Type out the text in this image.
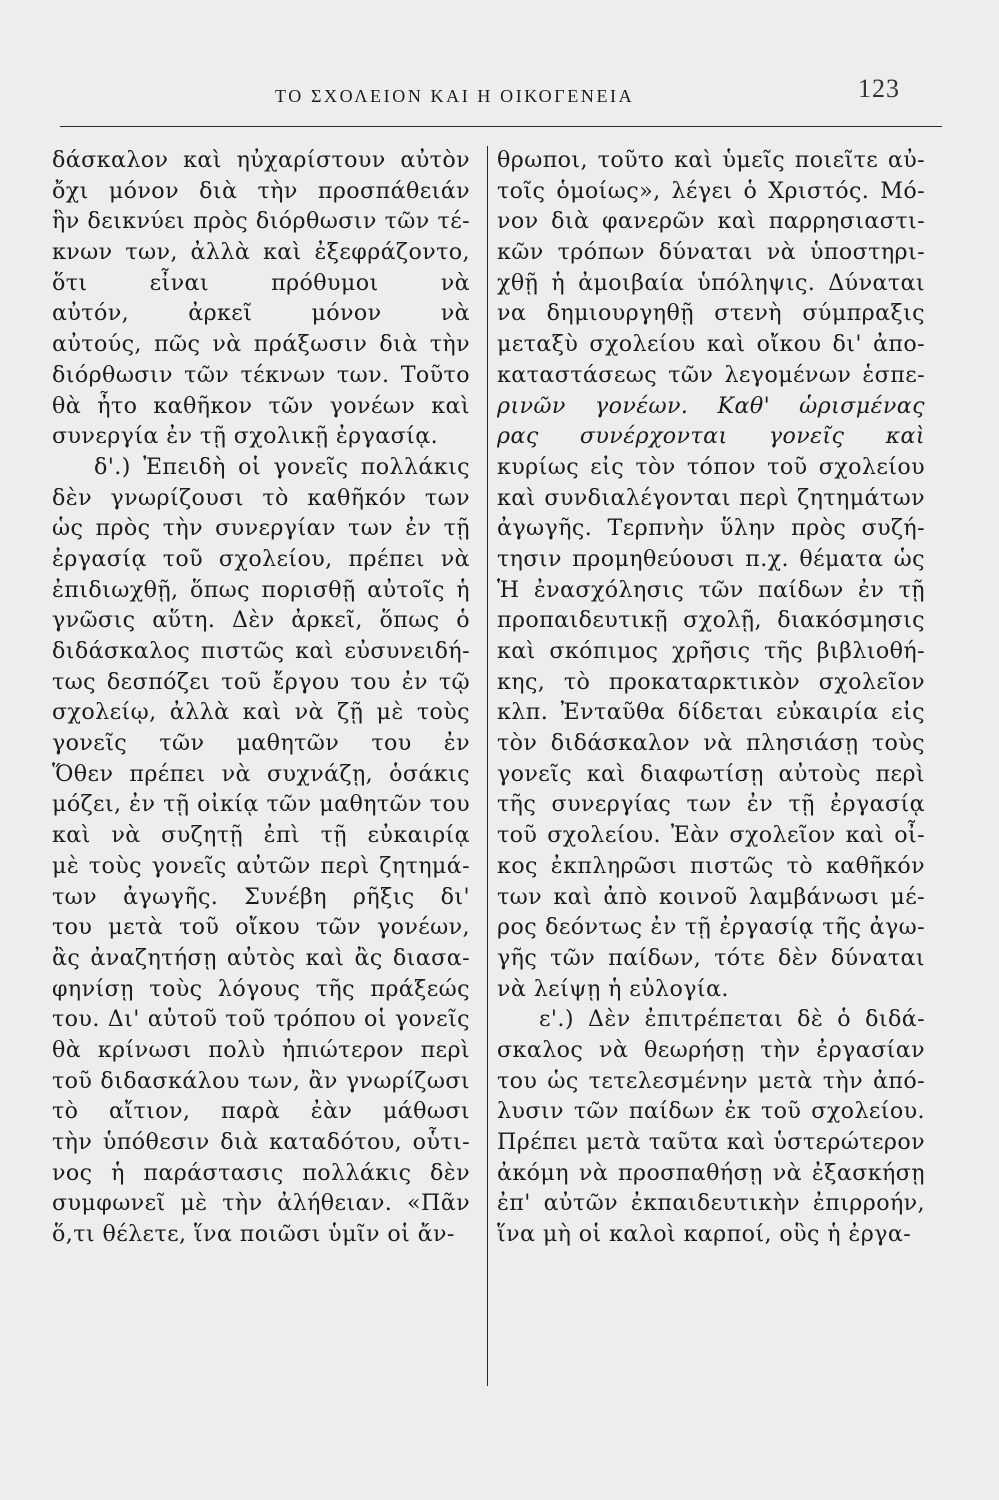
ΤΟ ΣΧΟΛΕΙΟΝ ΚΑΙ Η ΟΙΚΟΓΕΝΕΙΑ	123
δάσκαλον καὶ ηὐχαρίστουν αὐτὸν
ὄχι μόνον διὰ τὴν προσπάθειάν
ἣν δεικνύει πρὸς διόρθωσιν τῶν τέ-
κνων των, ἀλλὰ καὶ ἐξεφράζοντο,
ὅτι εἶναι πρόθυμοι νὰ
αὐτόν, ἀρκεῖ μόνον νὰ
αὐτούς, πῶς νὰ πράξωσιν διὰ τὴν
διόρθωσιν τῶν τέκνων των. Τοῦτο
θὰ ἦτο καθῆκον τῶν γονέων καὶ
συνεργία ἐν τῇ σχολικῇ ἐργασίᾳ.
δ'.) Ἐπειδὴ οἱ γονεῖς πολλάκις
δὲν γνωρίζουσι τὸ καθῆκόν των
ὡς πρὸς τὴν συνεργίαν των ἐν τῇ
ἐργασίᾳ τοῦ σχολείου, πρέπει νὰ
ἐπιδιωχθῇ, ὅπως πορισθῇ αὐτοῖς ἡ
γνῶσις αὕτη. Δὲν ἀρκεῖ, ὅπως ὁ
διδάσκαλος πιστῶς καὶ εὐσυνειδή-
τως δεσπόζει τοῦ ἔργου του ἐν τῷ
σχολείῳ, ἀλλὰ καὶ νὰ ζῇ μὲ τοὺς
γονεῖς τῶν μαθητῶν του ἐν
Ὅθεν πρέπει νὰ συχνάζῃ, ὁσάκις
μόζει, ἐν τῇ οἰκίᾳ τῶν μαθητῶν του
καὶ νὰ συζητῇ ἐπὶ τῇ εὐκαιρίᾳ
μὲ τοὺς γονεῖς αὐτῶν περὶ ζητημά-
των ἀγωγῆς. Συνέβη ρῆξις δι'
του μετὰ τοῦ οἴκου τῶν γονέων,
ἂς ἀναζητήσῃ αὐτὸς καὶ ἂς διασα-
φηνίσῃ τοὺς λόγους τῆς πράξεώς
του. Δι' αὐτοῦ τοῦ τρόπου οἱ γονεῖς
θὰ κρίνωσι πολὺ ἠπιώτερον περὶ
τοῦ διδασκάλου των, ἂν γνωρίζωσι
τὸ αἴτιον, παρὰ ἐὰν μάθωσι
τὴν ὑπόθεσιν διὰ καταδότου, οὗτι-
νος ἡ παράστασις πολλάκις δὲν
συμφωνεῖ μὲ τὴν ἀλήθειαν. «Πᾶν
ὅ,τι θέλετε, ἵνα ποιῶσι ὑμῖν οἱ ἄν-
θρωποι, τοῦτο καὶ ὑμεῖς ποιεῖτε αὐ-
τοῖς ὁμοίως», λέγει ὁ Χριστός. Μό-
νον διὰ φανερῶν καὶ παρρησιαστι-
κῶν τρόπων δύναται νὰ ὑποστηρι-
χθῇ ἡ ἀμοιβαία ὑπόληψις. Δύναται
να δημιουργηθῇ στενὴ σύμπραξις
μεταξὺ σχολείου καὶ οἴκου δι' ἀπο-
καταστάσεως τῶν λεγομένων ἑσπε-
ρινῶν γονέων. Καθ' ὡρισμένας
ρας συνέρχονται γονεῖς καὶ
κυρίως εἰς τὸν τόπον τοῦ σχολείου
καὶ συνδιαλέγονται περὶ ζητημάτων
ἀγωγῆς. Τερπνὴν ὕλην πρὸς συζή-
τησιν προμηθεύουσι π.χ. θέματα ὡς
Ἡ ἐνασχόλησις τῶν παίδων ἐν τῇ
προπαιδευτικῇ σχολῇ, διακόσμησις
καὶ σκόπιμος χρῆσις τῆς βιβλιοθή-
κης, τὸ προκαταρκτικὸν σχολεῖον
κλπ. Ἐνταῦθα δίδεται εὐκαιρία εἰς
τὸν διδάσκαλον νὰ πλησιάσῃ τοὺς
γονεῖς καὶ διαφωτίσῃ αὐτοὺς περὶ
τῆς συνεργίας των ἐν τῇ ἐργασίᾳ
τοῦ σχολείου. Ἐὰν σχολεῖον καὶ οἶ-
κος ἐκπληρῶσι πιστῶς τὸ καθῆκόν
των καὶ ἀπὸ κοινοῦ λαμβάνωσι μέ-
ρος δεόντως ἐν τῇ ἐργασίᾳ τῆς ἀγω-
γῆς τῶν παίδων, τότε δὲν δύναται
νὰ λείψῃ ἡ εὐλογία.
ε'.) Δὲν ἐπιτρέπεται δὲ ὁ διδά-
σκαλος νὰ θεωρήσῃ τὴν ἐργασίαν
του ὡς τετελεσμένην μετὰ τὴν ἀπό-
λυσιν τῶν παίδων ἐκ τοῦ σχολείου.
Πρέπει μετὰ ταῦτα καὶ ὑστερώτερον
ἀκόμη νὰ προσπαθήσῃ νὰ ἐξασκήσῃ
ἐπ' αὐτῶν ἐκπαιδευτικὴν ἐπιρροήν,
ἵνα μὴ οἱ καλοὶ καρποί, οὓς ἡ ἐργα-
